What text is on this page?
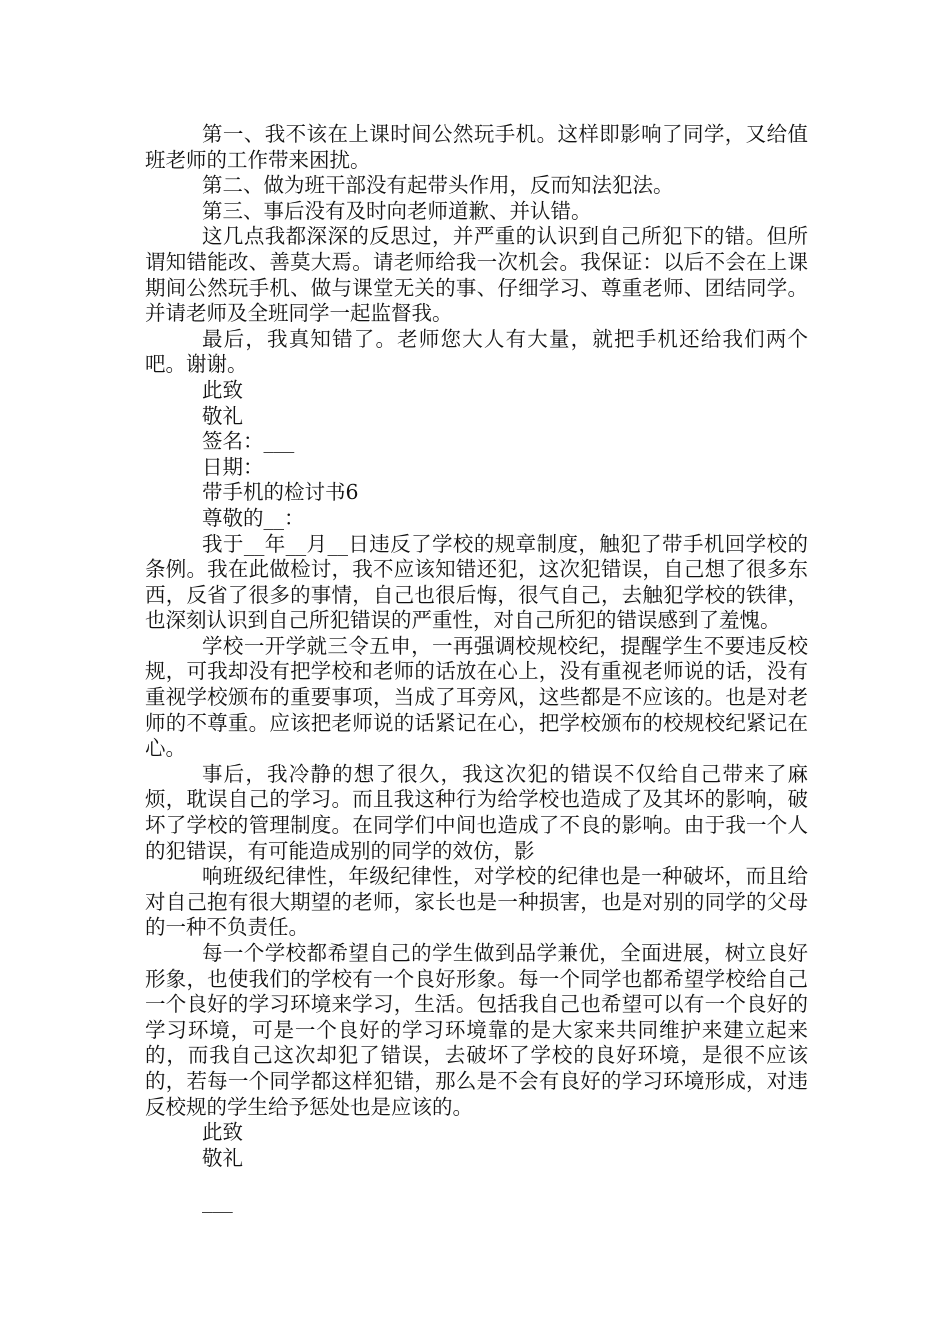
第一、我不该在上课时间公然玩手机。这样即影响了同学，又给值班老师的工作带来困扰。

第二、做为班干部没有起带头作用，反而知法犯法。

第三、事后没有及时向老师道歉、并认错。

这几点我都深深的反思过，并严重的认识到自己所犯下的错。但所谓知错能改、善莫大焉。请老师给我一次机会。我保证：以后不会在上课期间公然玩手机、做与课堂无关的事、仔细学习、尊重老师、团结同学。并请老师及全班同学一起监督我。

最后，我真知错了。老师您大人有大量，就把手机还给我们两个吧。谢谢。

此致

敬礼

签名：___

日期：

带手机的检讨书6

尊敬的__：

我于__年__月__日违反了学校的规章制度，触犯了带手机回学校的条例。我在此做检讨，我不应该知错还犯，这次犯错误，自己想了很多东西，反省了很多的事情，自己也很后悔，很气自己，去触犯学校的铁律，也深刻认识到自己所犯错误的严重性，对自己所犯的错误感到了羞愧。

学校一开学就三令五申，一再强调校规校纪，提醒学生不要违反校规，可我却没有把学校和老师的话放在心上，没有重视老师说的话，没有重视学校颁布的重要事项，当成了耳旁风，这些都是不应该的。也是对老师的不尊重。应该把老师说的话紧记在心，把学校颁布的校规校纪紧记在心。

事后，我冷静的想了很久，我这次犯的错误不仅给自己带来了麻烦，耽误自己的学习。而且我这种行为给学校也造成了及其坏的影响，破坏了学校的管理制度。在同学们中间也造成了不良的影响。由于我一个人的犯错误，有可能造成别的同学的效仿，影

响班级纪律性，年级纪律性，对学校的纪律也是一种破坏，而且给对自己抱有很大期望的老师，家长也是一种损害，也是对别的同学的父母的一种不负责任。

每一个学校都希望自己的学生做到品学兼优，全面进展，树立良好形象，也使我们的学校有一个良好形象。每一个同学也都希望学校给自己一个良好的学习环境来学习，生活。包括我自己也希望可以有一个良好的学习环境，可是一个良好的学习环境靠的是大家来共同维护来建立起来的，而我自己这次却犯了错误，去破坏了学校的良好环境，是很不应该的，若每一个同学都这样犯错，那么是不会有良好的学习环境形成，对违反校规的学生给予惩处也是应该的。

此致

敬礼

___
